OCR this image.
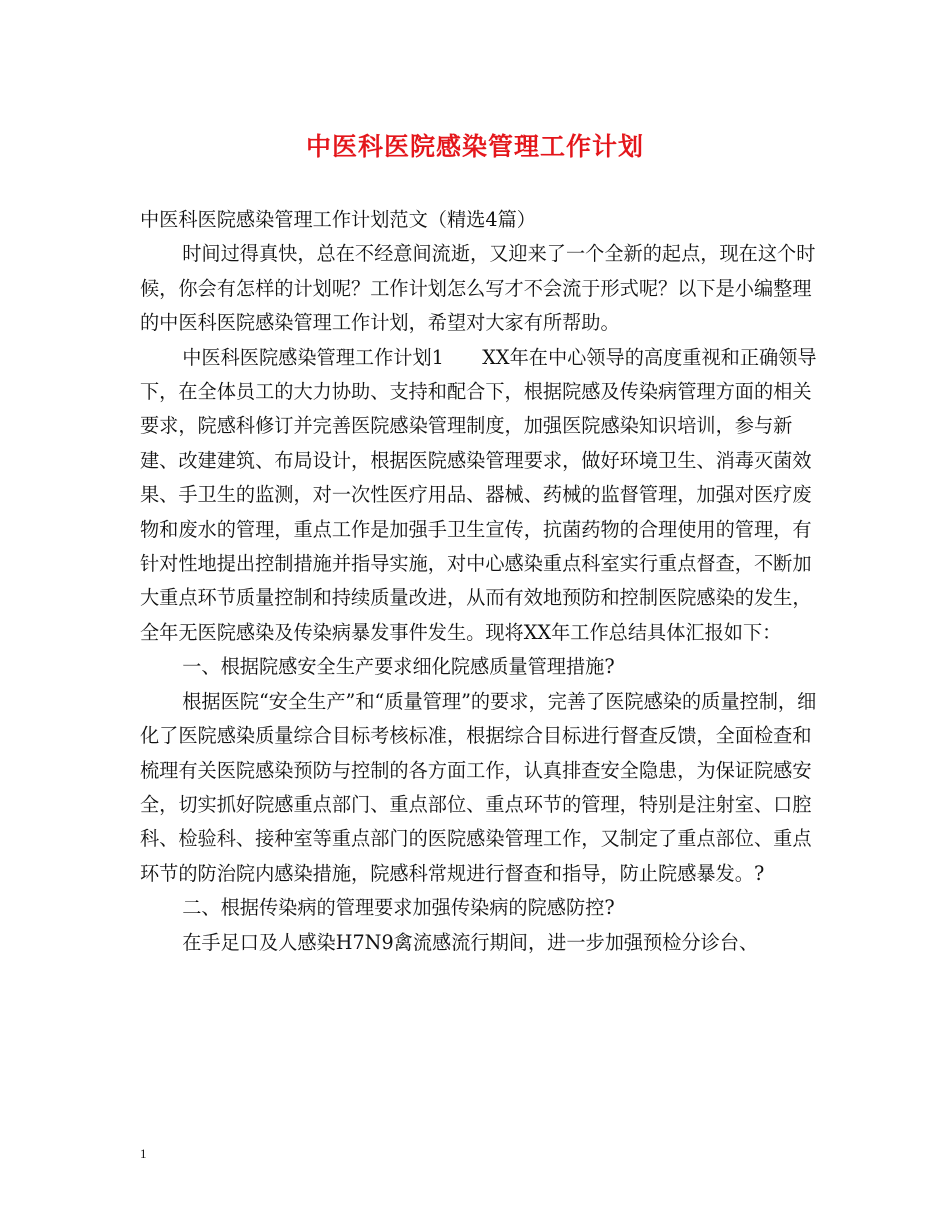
中医科医院感染管理工作计划

中医科医院感染管理工作计划范文（精选4篇）

时间过得真快，总在不经意间流逝，又迎来了一个全新的起点，现在这个时候，你会有怎样的计划呢？工作计划怎么写才不会流于形式呢？以下是小编整理的中医科医院感染管理工作计划，希望对大家有所帮助。

中医科医院感染管理工作计划1　　XX年在中心领导的高度重视和正确领导下，在全体员工的大力协助、支持和配合下，根据院感及传染病管理方面的相关要求，院感科修订并完善医院感染管理制度，加强医院感染知识培训，参与新建、改建建筑、布局设计，根据医院感染管理要求，做好环境卫生、消毒灭菌效果、手卫生的监测，对一次性医疗用品、器械、药械的监督管理，加强对医疗废物和废水的管理，重点工作是加强手卫生宣传，抗菌药物的合理使用的管理，有针对性地提出控制措施并指导实施，对中心感染重点科室实行重点督查，不断加大重点环节质量控制和持续质量改进，从而有效地预防和控制医院感染的发生，全年无医院感染及传染病暴发事件发生。现将XX年工作总结具体汇报如下：

一、根据院感安全生产要求细化院感质量管理措施?

根据医院“安全生产”和“质量管理”的要求，完善了医院感染的质量控制，细化了医院感染质量综合目标考核标准，根据综合目标进行督查反馈，全面检查和梳理有关医院感染预防与控制的各方面工作，认真排查安全隐患，为保证院感安全，切实抓好院感重点部门、重点部位、重点环节的管理，特别是注射室、口腔科、检验科、接种室等重点部门的医院感染管理工作，又制定了重点部位、重点环节的防治院内感染措施，院感科常规进行督查和指导，防止院感暴发。?

二、根据传染病的管理要求加强传染病的院感防控?

在手足口及人感染H7N9禽流感流行期间，进一步加强预检分诊台、

1
